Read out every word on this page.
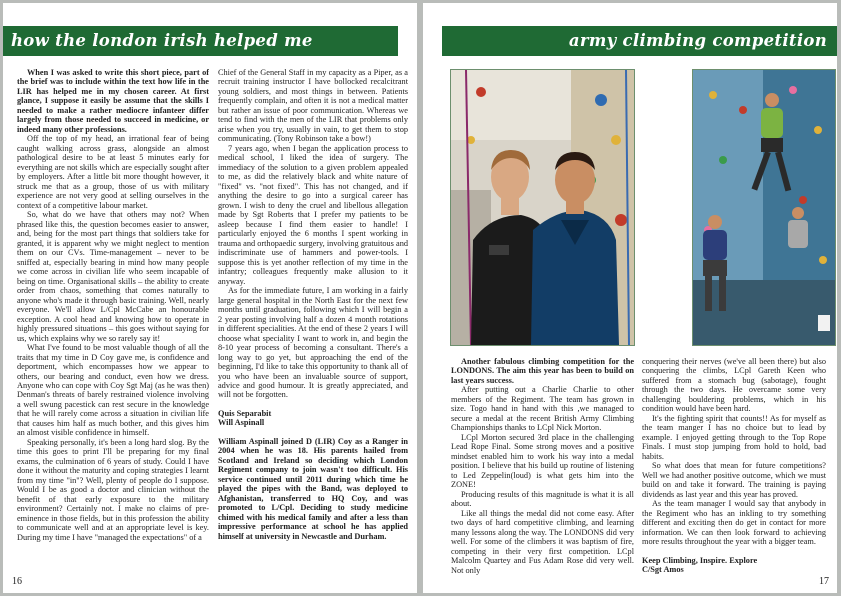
how the london irish helped me

When I was asked to write this short piece, part of the brief was to include within the text how life in the LIR has helped me in my chosen career. At first glance, I suppose it easily be assume that the skills I needed to make a rather mediocre infanteer differ largely from those needed to succeed in medicine, or indeed many other professions.

Off the top of my head, an irrational fear of being caught walking across grass, alongside an almost pathological desire to be at least 5 minutes early for everything are not skills which are especially sought after by employers. After a little bit more thought however, it struck me that as a group, those of us with military experience are not very good at selling ourselves in the context of a competitive labour market.

So, what do we have that others may not? When phrased like this, the question becomes easier to answer, and, being for the most part things that soldiers take for granted, it is apparent why we might neglect to mention them on our CVs. Time-management – never to be sniffed at, especially bearing in mind how many people we come across in civilian life who seem incapable of being on time. Organisational skills – the ability to create order from chaos, something that comes naturally to anyone who's made it through basic training. Well, nearly everyone. We'll allow L/Cpl McCabe an honourable exception. A cool head and knowing how to operate in highly pressured situations – this goes without saying for us, which explains why we so rarely say it!

What I've found to be most valuable though of all the traits that my time in D Coy gave me, is confidence and deportment, which encompasses how we appear to others, our bearing and conduct, even how we dress. Anyone who can cope with Coy Sgt Maj (as he was then) Denman's threats of barely restrained violence involving a well swung pacestick can rest secure in the knowledge that he will rarely come across a situation in civilian life that causes him half as much bother, and this gives him an almost visible confidence in himself.

Speaking personally, it's been a long hard slog. By the time this goes to print I'll be preparing for my final exams, the culmination of 6 years of study. Could I have done it without the maturity and coping strategies I learnt from my time "in"? Well, plenty of people do I suppose. Would I be as good a doctor and clinician without the benefit of that early exposure to the military environment? Certainly not. I make no claims of pre-eminence in those fields, but in this profession the ability to communicate well and at an appropriate level is key. During my time I have "managed the expectations" of a

Chief of the General Staff in my capacity as a Piper, as a recruit training instructor I have bollocked recalcitrant young soldiers, and most things in between. Patients frequently complain, and often it is not a medical matter but rather an issue of poor communication. Whereas we tend to find with the men of the LIR that problems only arise when you try, usually in vain, to get them to stop communicating. (Tony Robinson take a bow!)

7 years ago, when I began the application process to medical school, I liked the idea of surgery. The immediacy of the solution to a given problem appealed to me, as did the relatively black and white nature of "fixed" vs. "not fixed". This has not changed, and if anything the desire to go into a surgical career has grown. I wish to deny the cruel and libellous allegation made by Sgt Roberts that I prefer my patients to be asleep because I find them easier to handle! I particularly enjoyed the 6 months I spent working in trauma and orthopaedic surgery, involving gratuitous and indiscriminate use of hammers and power-tools. I suppose this is yet another reflection of my time in the infantry; colleagues frequently make allusion to it anyway.

As for the immediate future, I am working in a fairly large general hospital in the North East for the next few months until graduation, following which I will begin a 2 year posting involving half a dozen 4 month rotations in different specialities. At the end of these 2 years I will choose what speciality I want to work in, and begin the 8-10 year process of becoming a consultant. There's a long way to go yet, but approaching the end of the beginning, I'd like to take this opportunity to thank all of you who have been an invaluable source of support, advice and good humour. It is greatly appreciated, and will not be forgotten.

Quis Separabit

Will Aspinall

William Aspinall joined D (LIR) Coy as a Ranger in 2004 when he was 18. His parents hailed from Scotland and Ireland so deciding which London Regiment company to join wasn't too difficult. His service continued until 2011 during which time he played the pipes with the Band, was deployed to Afghanistan, transferred to HQ Coy, and was promoted to L/Cpl. Deciding to study medicine chimed with his medical family and after a less than impressive performance at school he has applied himself at university in Newcastle and Durham.

16
army climbing competition

Another fabulous climbing competition for the LONDONS. The aim this year has been to build on last years success.

After putting out a Charlie Charlie to other members of the Regiment. The team has grown in size. Togo hand in hand with this ,we managed to secure a medal at the recent British Army Climbing Championships thanks to LCpl Nick Morton.

LCpl Morton secured 3rd place in the challenging Lead Rope Final. Some strong moves and a positive mindset enabled him to work his way into a medal position. I believe that his build up routine of listening to Led Zeppelin(loud) is what gets him into the ZONE!

Producing results of this magnitude is what it is all about.

Like all things the medal did not come easy. After two days of hard competitive climbing, and learning many lessons along the way. The LONDONS did very well. For some of the climbers it was baptism of fire, competing in their very first competition. LCpl Malcolm Quartey and Fus Adam Rose did very well. Not only

conquering their nerves (we've all been there) but also conquering the climbs, LCpl Gareth Keen who suffered from a stomach bug (sabotage), fought through the two days. He overcame some very challenging bouldering problems, which in his condition would have been hard.

It's the fighting spirit that counts!! As for myself as the team manger I has no choice but to lead by example. I enjoyed getting through to the Top Rope Finals. I must stop jumping from hold to hold, bad habits.

So what does that mean for future competitions? Well we had another positive outcome, which we must build on and take it forward. The training is paying dividends as last year and this year has proved.

As the team manager I would say that anybody in the Regiment who has an inkling to try something different and exciting then do get in contact for more information. We can then look forward to achieving more results throughout the year with a bigger team.

Keep Climbing, Inspire. Explore

C/Sgt Amos

17
